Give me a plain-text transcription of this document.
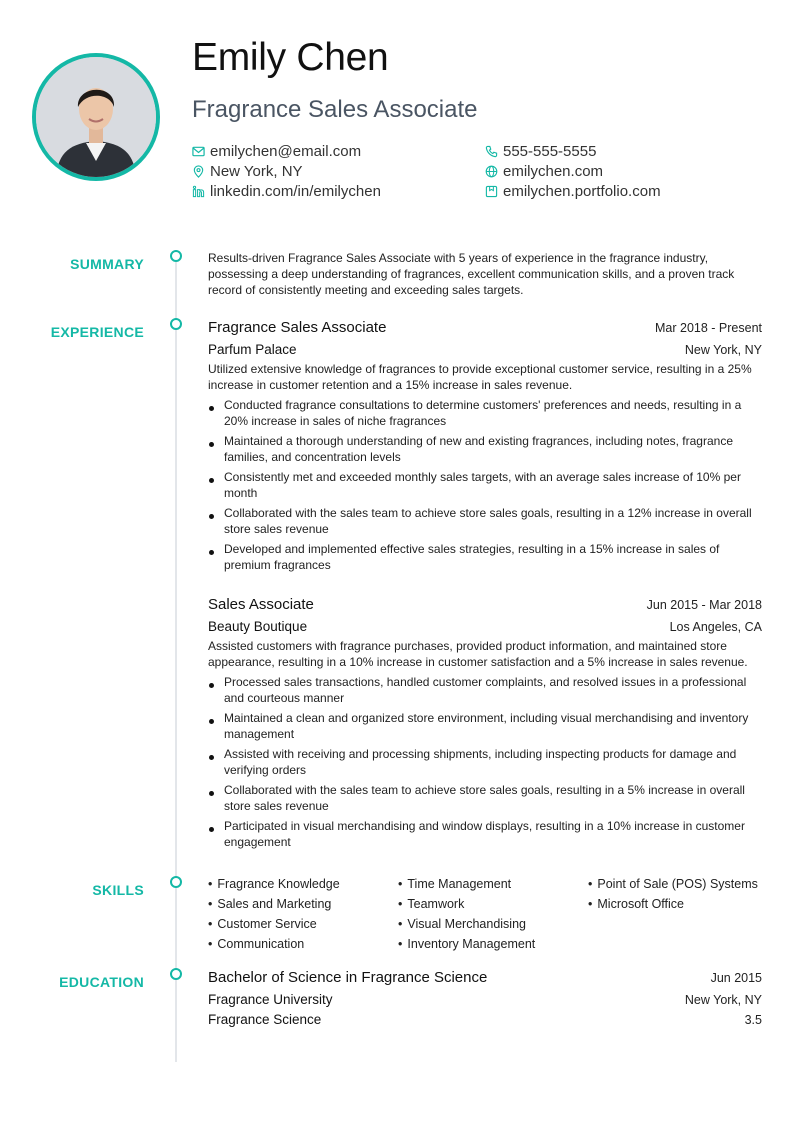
Emily Chen
Fragrance Sales Associate
emilychen@email.com	555-555-5555
New York, NY	emilychen.com
linkedin.com/in/emilychen	emilychen.portfolio.com
SUMMARY	Results-driven Fragrance Sales Associate with 5 years of experience in the fragrance industry, possessing a deep understanding of fragrances, excellent communication skills, and a proven track record of consistently meeting and exceeding sales targets.
EXPERIENCE	Fragrance Sales Associate	Mar 2018 - Present
Parfum Palace	New York, NY
Utilized extensive knowledge of fragrances to provide exceptional customer service, resulting in a 25% increase in customer retention and a 15% increase in sales revenue.
Conducted fragrance consultations to determine customers' preferences and needs, resulting in a 20% increase in sales of niche fragrances
Maintained a thorough understanding of new and existing fragrances, including notes, fragrance families, and concentration levels
Consistently met and exceeded monthly sales targets, with an average sales increase of 10% per month
Collaborated with the sales team to achieve store sales goals, resulting in a 12% increase in overall store sales revenue
Developed and implemented effective sales strategies, resulting in a 15% increase in sales of premium fragrances
Sales Associate	Jun 2015 - Mar 2018
Beauty Boutique	Los Angeles, CA
Assisted customers with fragrance purchases, provided product information, and maintained store appearance, resulting in a 10% increase in customer satisfaction and a 5% increase in sales revenue.
Processed sales transactions, handled customer complaints, and resolved issues in a professional and courteous manner
Maintained a clean and organized store environment, including visual merchandising and inventory management
Assisted with receiving and processing shipments, including inspecting products for damage and verifying orders
Collaborated with the sales team to achieve store sales goals, resulting in a 5% increase in overall store sales revenue
Participated in visual merchandising and window displays, resulting in a 10% increase in customer engagement
SKILLS	• Fragrance Knowledge	• Time Management	• Point of Sale (POS) Systems
• Sales and Marketing	• Teamwork	• Microsoft Office
• Customer Service	• Visual Merchandising
• Communication	• Inventory Management
EDUCATION	Bachelor of Science in Fragrance Science	Jun 2015
Fragrance University	New York, NY
Fragrance Science	3.5
